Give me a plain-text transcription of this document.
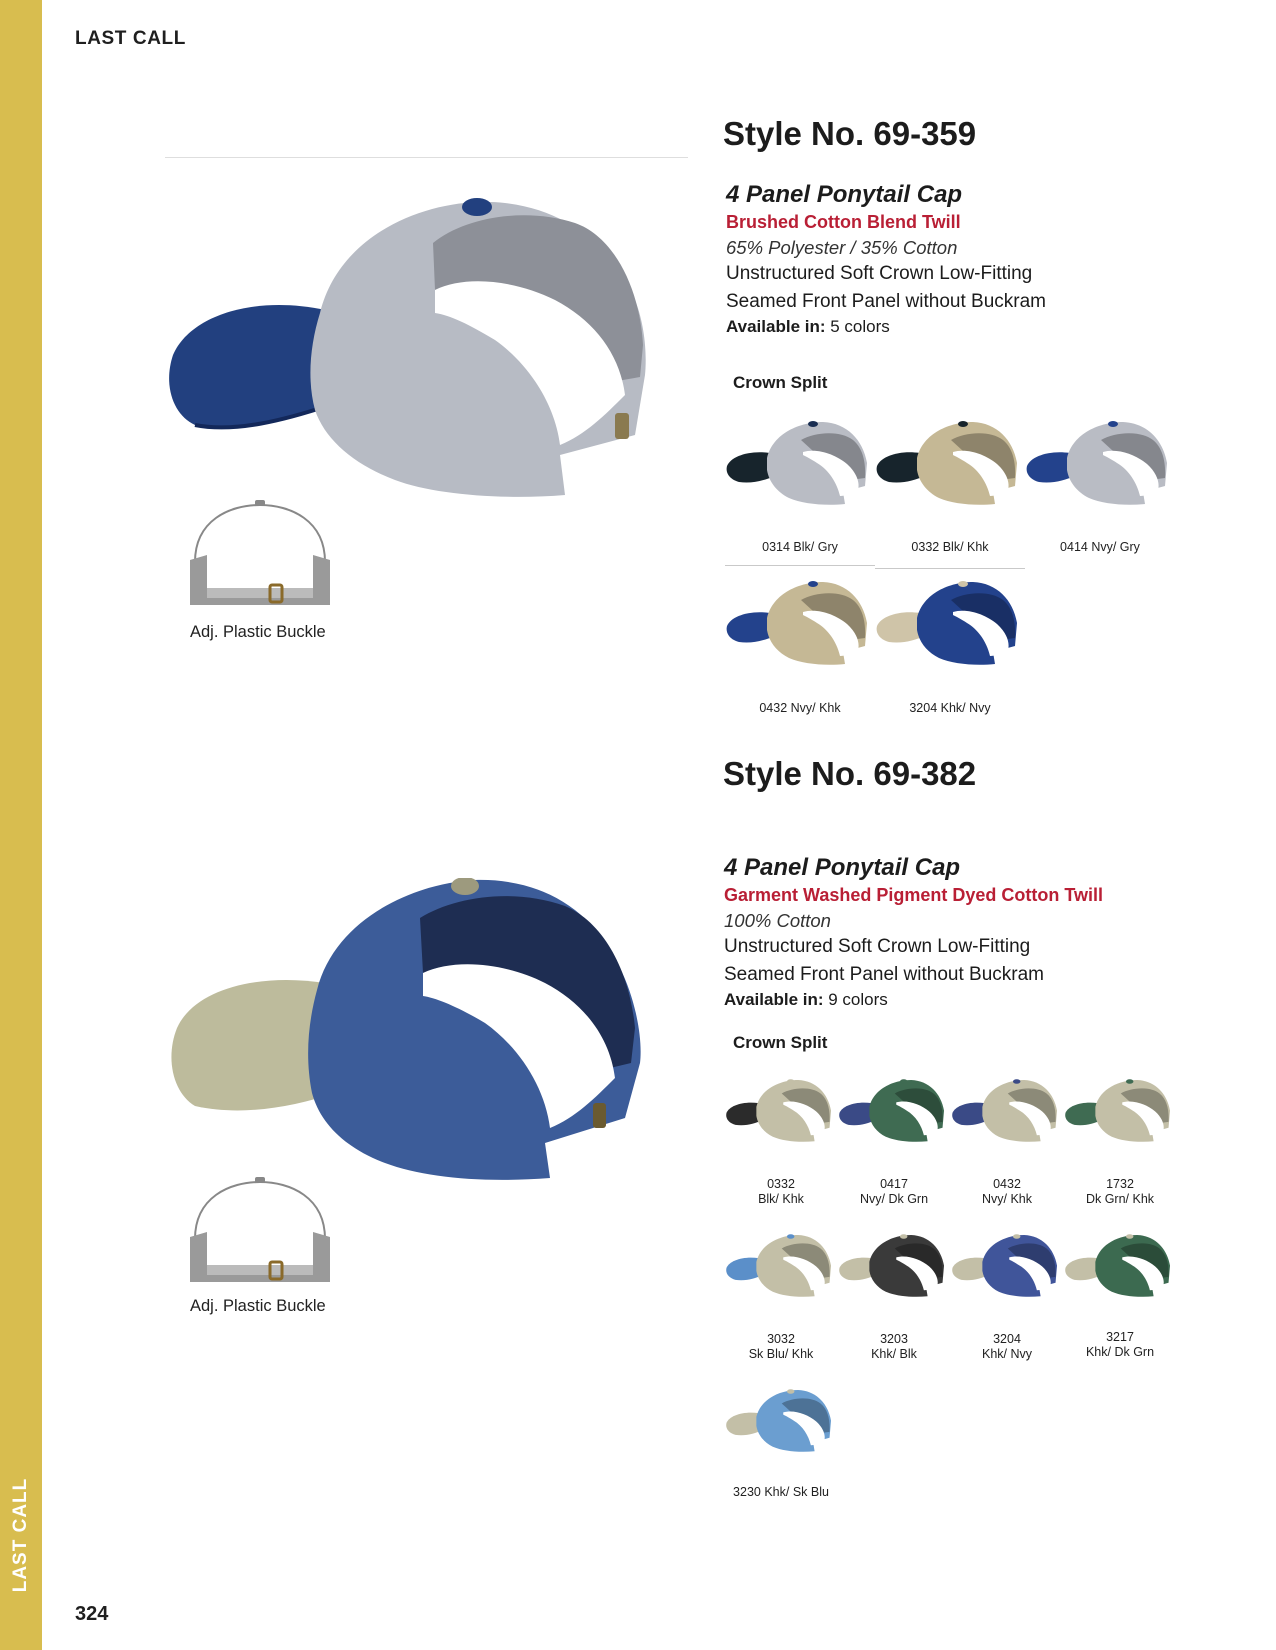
LAST CALL
LAST CALL
324
Adj. Plastic Buckle
Style No. 69-359
4 Panel Ponytail Cap
Brushed Cotton Blend Twill
65% Polyester / 35% Cotton
Unstructured Soft Crown Low-Fitting
Seamed Front Panel without Buckram
Available in: 5 colors
Crown Split
0314 Blk/ Gry	0332 Blk/ Khk	0414 Nvy/ Gry
0432 Nvy/ Khk	3204 Khk/ Nvy
Adj. Plastic Buckle
Style No. 69-382
4 Panel Ponytail Cap
Garment Washed Pigment Dyed Cotton Twill
100% Cotton
Unstructured Soft Crown Low-Fitting
Seamed Front Panel without Buckram
Available in: 9 colors
Crown Split
0332
Blk/ Khk
0417
Nvy/ Dk Grn
0432
Nvy/ Khk
1732
Dk Grn/ Khk
3032
Sk Blu/ Khk
3203
Khk/ Blk
3204
Khk/ Nvy
3217
Khk/ Dk Grn
3230 Khk/ Sk Blu
